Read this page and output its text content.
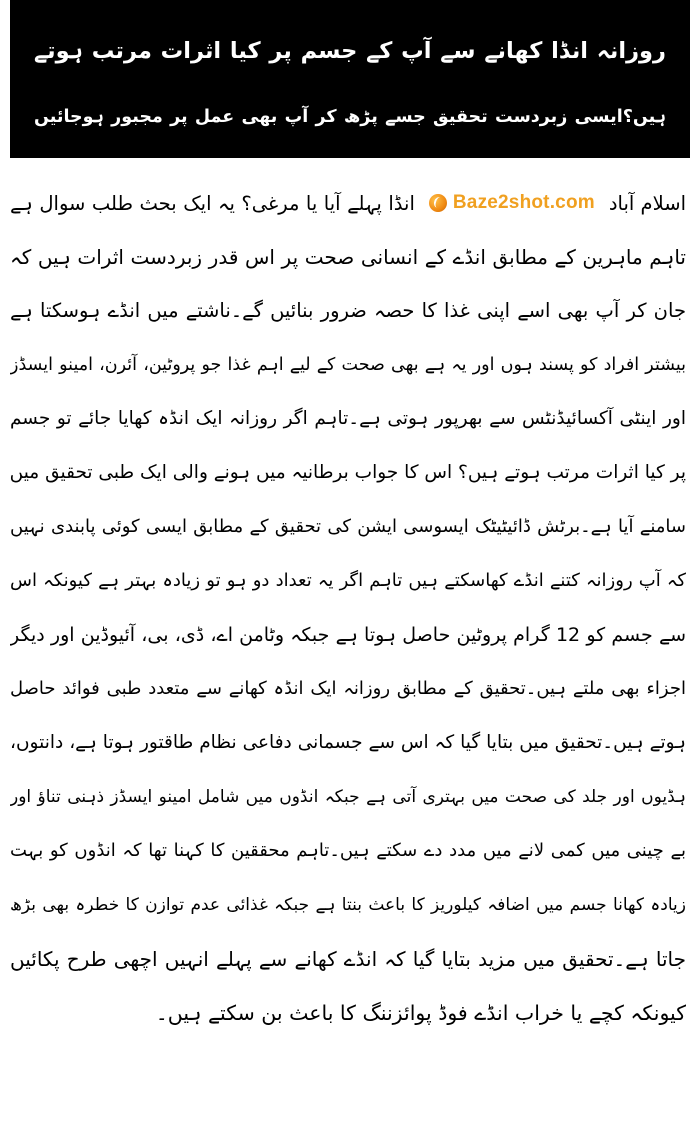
روزانہ انڈا کھانے سے آپ کے جسم پر کیا اثرات مرتب ہوتے
ہیں؟ایسی زبردست تحقیق جسے پڑھ کر آپ بھی عمل پر مجبور ہوجائیں
اسلام آباد
Baze2shot.com
انڈا پہلے آیا یا مرغی؟ یہ ایک بحث طلب سوال ہے
تاہم ماہرین کے مطابق انڈے کے انسانی صحت پر اس قدر زبردست اثرات ہیں کہ
جان کر آپ بھی اسے اپنی غذا کا حصہ ضرور بنائیں گے۔ناشتے میں انڈے ہوسکتا ہے
بیشتر افراد کو پسند ہوں اور یہ ہے بھی صحت کے لیے اہم غذا جو پروٹین، آئرن، امینو ایسڈز
اور اینٹی آکسائیڈنٹس سے بھرپور ہوتی ہے۔تاہم اگر روزانہ ایک انڈہ کھایا جائے تو جسم
پر کیا اثرات مرتب ہوتے ہیں؟ اس کا جواب برطانیہ میں ہونے والی ایک طبی تحقیق میں
سامنے آیا ہے۔برٹش ڈائیٹیٹک ایسوسی ایشن کی تحقیق کے مطابق ایسی کوئی پابندی نہیں
کہ آپ روزانہ کتنے انڈے کھاسکتے ہیں تاہم اگر یہ تعداد دو ہو تو زیادہ بہتر ہے کیونکہ اس
سے جسم کو 12 گرام پروٹین حاصل ہوتا ہے جبکہ وٹامن اے، ڈی، بی، آئیوڈین اور دیگر
اجزاء بھی ملتے ہیں۔تحقیق کے مطابق روزانہ ایک انڈہ کھانے سے متعدد طبی فوائد حاصل
ہوتے ہیں۔تحقیق میں بتایا گیا کہ اس سے جسمانی دفاعی نظام طاقتور ہوتا ہے، دانتوں،
ہڈیوں اور جلد کی صحت میں بہتری آتی ہے جبکہ انڈوں میں شامل امینو ایسڈز ذہنی تناؤ اور
بے چینی میں کمی لانے میں مدد دے سکتے ہیں۔تاہم محققین کا کہنا تھا کہ انڈوں کو بہت
زیادہ کھانا جسم میں اضافہ کیلوریز کا باعث بنتا ہے جبکہ غذائی عدم توازن کا خطرہ بھی بڑھ
جاتا ہے۔تحقیق میں مزید بتایا گیا کہ انڈے کھانے سے پہلے انہیں اچھی طرح پکائیں
کیونکہ کچے یا خراب انڈے فوڈ پوائزننگ کا باعث بن سکتے ہیں۔
